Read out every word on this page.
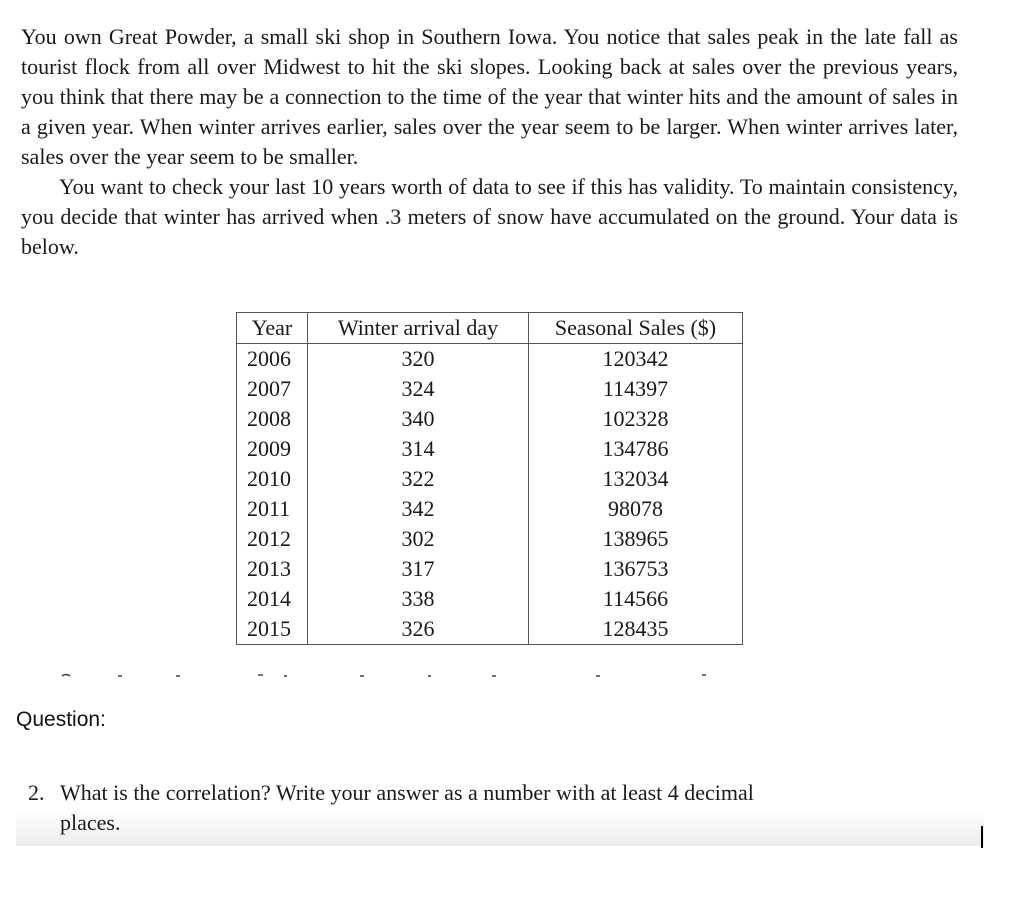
You own Great Powder, a small ski shop in Southern Iowa. You notice that sales peak in the late fall as tourist flock from all over Midwest to hit the ski slopes. Looking back at sales over the previous years, you think that there may be a connection to the time of the year that winter hits and the amount of sales in a given year. When winter arrives earlier, sales over the year seem to be larger. When winter arrives later, sales over the year seem to be smaller.

You want to check your last 10 years worth of data to see if this has validity. To maintain consistency, you decide that winter has arrived when .3 meters of snow have accumulated on the ground. Your data is below.

Year	Winter arrival day	Seasonal Sales ($)
2006	320	120342
2007	324	114397
2008	340	102328
2009	314	134786
2010	322	132034
2011	342	98078
2012	302	138965
2013	317	136753
2014	338	114566
2015	326	128435
Question:
2. What is the correlation? Write your answer as a number with at least 4 decimal
places.
